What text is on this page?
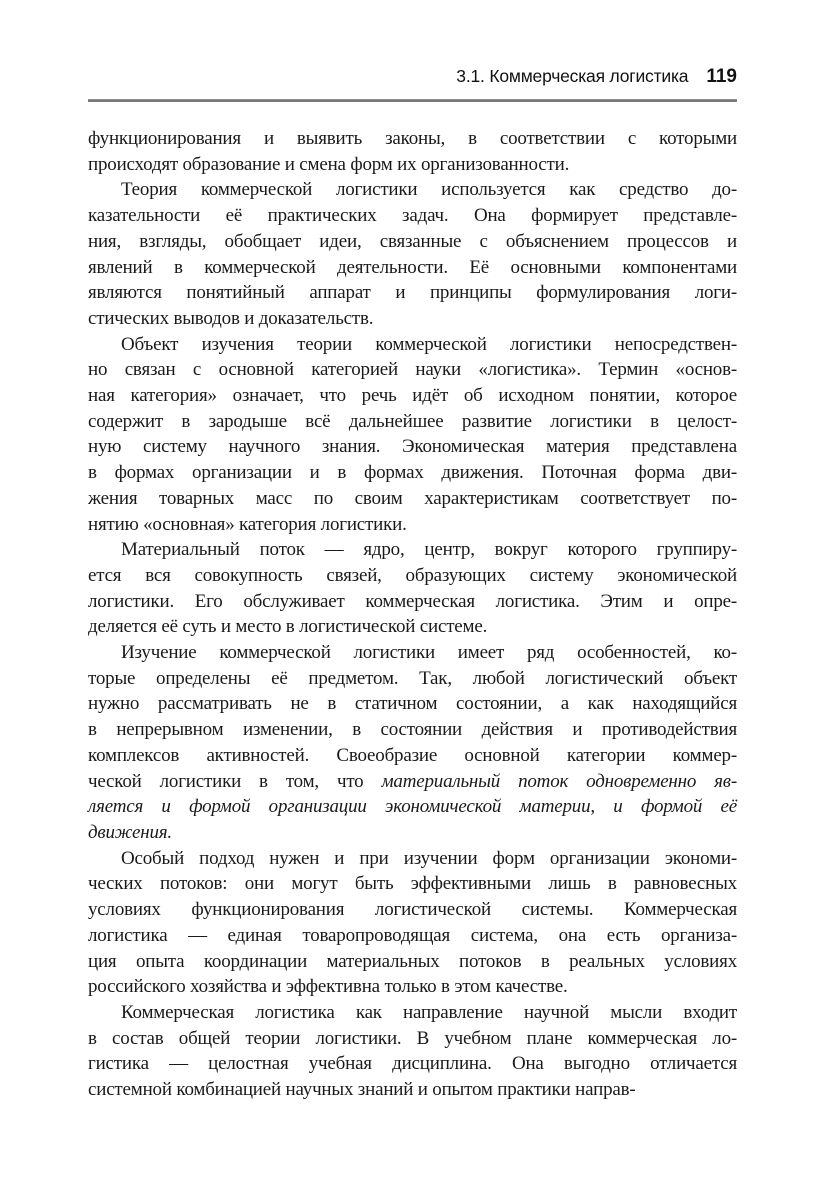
3.1. Коммерческая логистика 119
функционирования и выявить законы, в соответствии с которыми
происходят образование и смена форм их организованности.
Теория коммерческой логистики используется как средство до-
казательности её практических задач. Она формирует представле-
ния, взгляды, обобщает идеи, связанные с объяснением процессов и
явлений в коммерческой деятельности. Её основными компонентами
являются понятийный аппарат и принципы формулирования логи-
стических выводов и доказательств.
Объект изучения теории коммерческой логистики непосредствен-
но связан с основной категорией науки «логистика». Термин «основ-
ная категория» означает, что речь идёт об исходном понятии, которое
содержит в зародыше всё дальнейшее развитие логистики в целост-
ную систему научного знания. Экономическая материя представлена
в формах организации и в формах движения. Поточная форма дви-
жения товарных масс по своим характеристикам соответствует по-
нятию «основная» категория логистики.
Материальный поток — ядро, центр, вокруг которого группиру-
ется вся совокупность связей, образующих систему экономической
логистики. Его обслуживает коммерческая логистика. Этим и опре-
деляется её суть и место в логистической системе.
Изучение коммерческой логистики имеет ряд особенностей, ко-
торые определены её предметом. Так, любой логистический объект
нужно рассматривать не в статичном состоянии, а как находящийся
в непрерывном изменении, в состоянии действия и противодействия
комплексов активностей. Своеобразие основной категории коммер-
ческой логистики в том, что материальный поток одновременно яв-
ляется и формой организации экономической материи, и формой её
движения.
Особый подход нужен и при изучении форм организации экономи-
ческих потоков: они могут быть эффективными лишь в равновесных
условиях функционирования логистической системы. Коммерческая
логистика — единая товаропроводящая система, она есть организа-
ция опыта координации материальных потоков в реальных условиях
российского хозяйства и эффективна только в этом качестве.
Коммерческая логистика как направление научной мысли входит
в состав общей теории логистики. В учебном плане коммерческая ло-
гистика — целостная учебная дисциплина. Она выгодно отличается
системной комбинацией научных знаний и опытом практики направ-
